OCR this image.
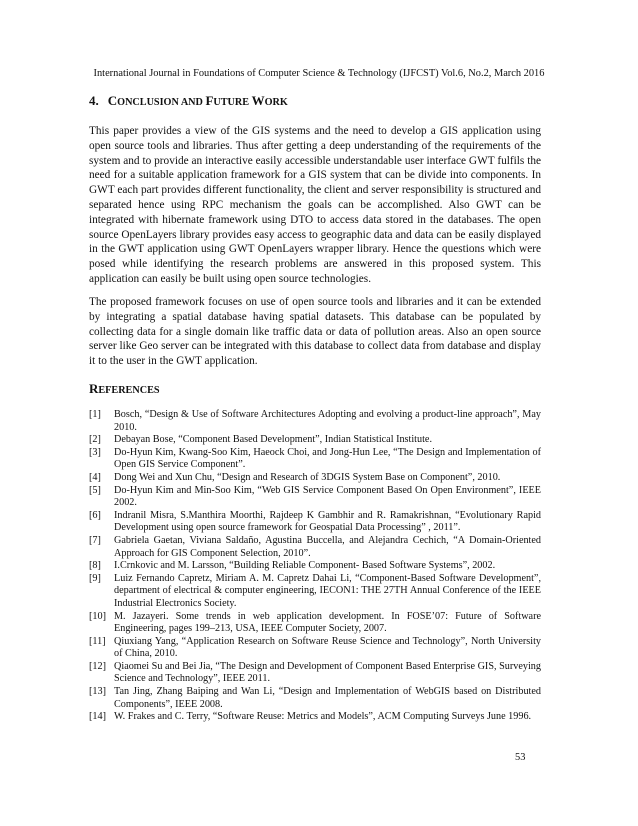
International Journal in Foundations of Computer Science & Technology (IJFCST) Vol.6, No.2, March 2016
4. CONCLUSION AND FUTURE WORK

This paper provides a view of the GIS systems and the need to develop a GIS application using open source tools and libraries. Thus after getting a deep understanding of the requirements of the system and to provide an interactive easily accessible understandable user interface GWT fulfils the need for a suitable application framework for a GIS system that can be divide into components. In GWT each part provides different functionality, the client and server responsibility is structured and separated hence using RPC mechanism the goals can be accomplished. Also GWT can be integrated with hibernate framework using DTO to access data stored in the databases. The open source OpenLayers library provides easy access to geographic data and data can be easily displayed in the GWT application using GWT OpenLayers wrapper library. Hence the questions which were posed while identifying the research problems are answered in this proposed system. This application can easily be built using open source technologies.

The proposed framework focuses on use of open source tools and libraries and it can be extended by integrating a spatial database having spatial datasets. This database can be populated by collecting data for a single domain like traffic data or data of pollution areas. Also an open source server like Geo server can be integrated with this database to collect data from database and display it to the user in the GWT application.

REFERENCES
[1] Bosch, “Design & Use of Software Architectures Adopting and evolving a product-line approach”, May 2010.
[2] Debayan Bose, “Component Based Development”, Indian Statistical Institute.
[3] Do-Hyun Kim, Kwang-Soo Kim, Haeock Choi, and Jong-Hun Lee, “The Design and Implementation of Open GIS Service Component”.
[4] Dong Wei and Xun Chu, “Design and Research of 3DGIS System Base on Component”, 2010.
[5] Do-Hyun Kim and Min-Soo Kim, “Web GIS Service Component Based On Open Environment”, IEEE 2002.
[6] Indranil Misra, S.Manthira Moorthi, Rajdeep K Gambhir and R. Ramakrishnan, “Evolutionary Rapid Development using open source framework for Geospatial Data Processing” , 2011”.
[7] Gabriela Gaetan, Viviana Saldaño, Agustina Buccella, and Alejandra Cechich, “A Domain-Oriented Approach for GIS Component Selection, 2010”.
[8] I.Crnkovic and M. Larsson, “Building Reliable Component- Based Software Systems”, 2002.
[9] Luiz Fernando Capretz, Miriam A. M. Capretz Dahai Li, “Component-Based Software Development”, department of electrical & computer engineering, IECON1: THE 27TH Annual Conference of the IEEE Industrial Electronics Society.
[10] M. Jazayeri. Some trends in web application development. In FOSE’07: Future of Software Engineering, pages 199–213, USA, IEEE Computer Society, 2007.
[11] Qiuxiang Yang, “Application Research on Software Reuse Science and Technology”, North University of China, 2010.
[12] Qiaomei Su and Bei Jia, “The Design and Development of Component Based Enterprise GIS, Surveying Science and Technology”, IEEE 2011.
[13] Tan Jing, Zhang Baiping and Wan Li, “Design and Implementation of WebGIS based on Distributed Components”, IEEE 2008.
[14] W. Frakes and C. Terry, “Software Reuse: Metrics and Models”, ACM Computing Surveys June 1996.
53
